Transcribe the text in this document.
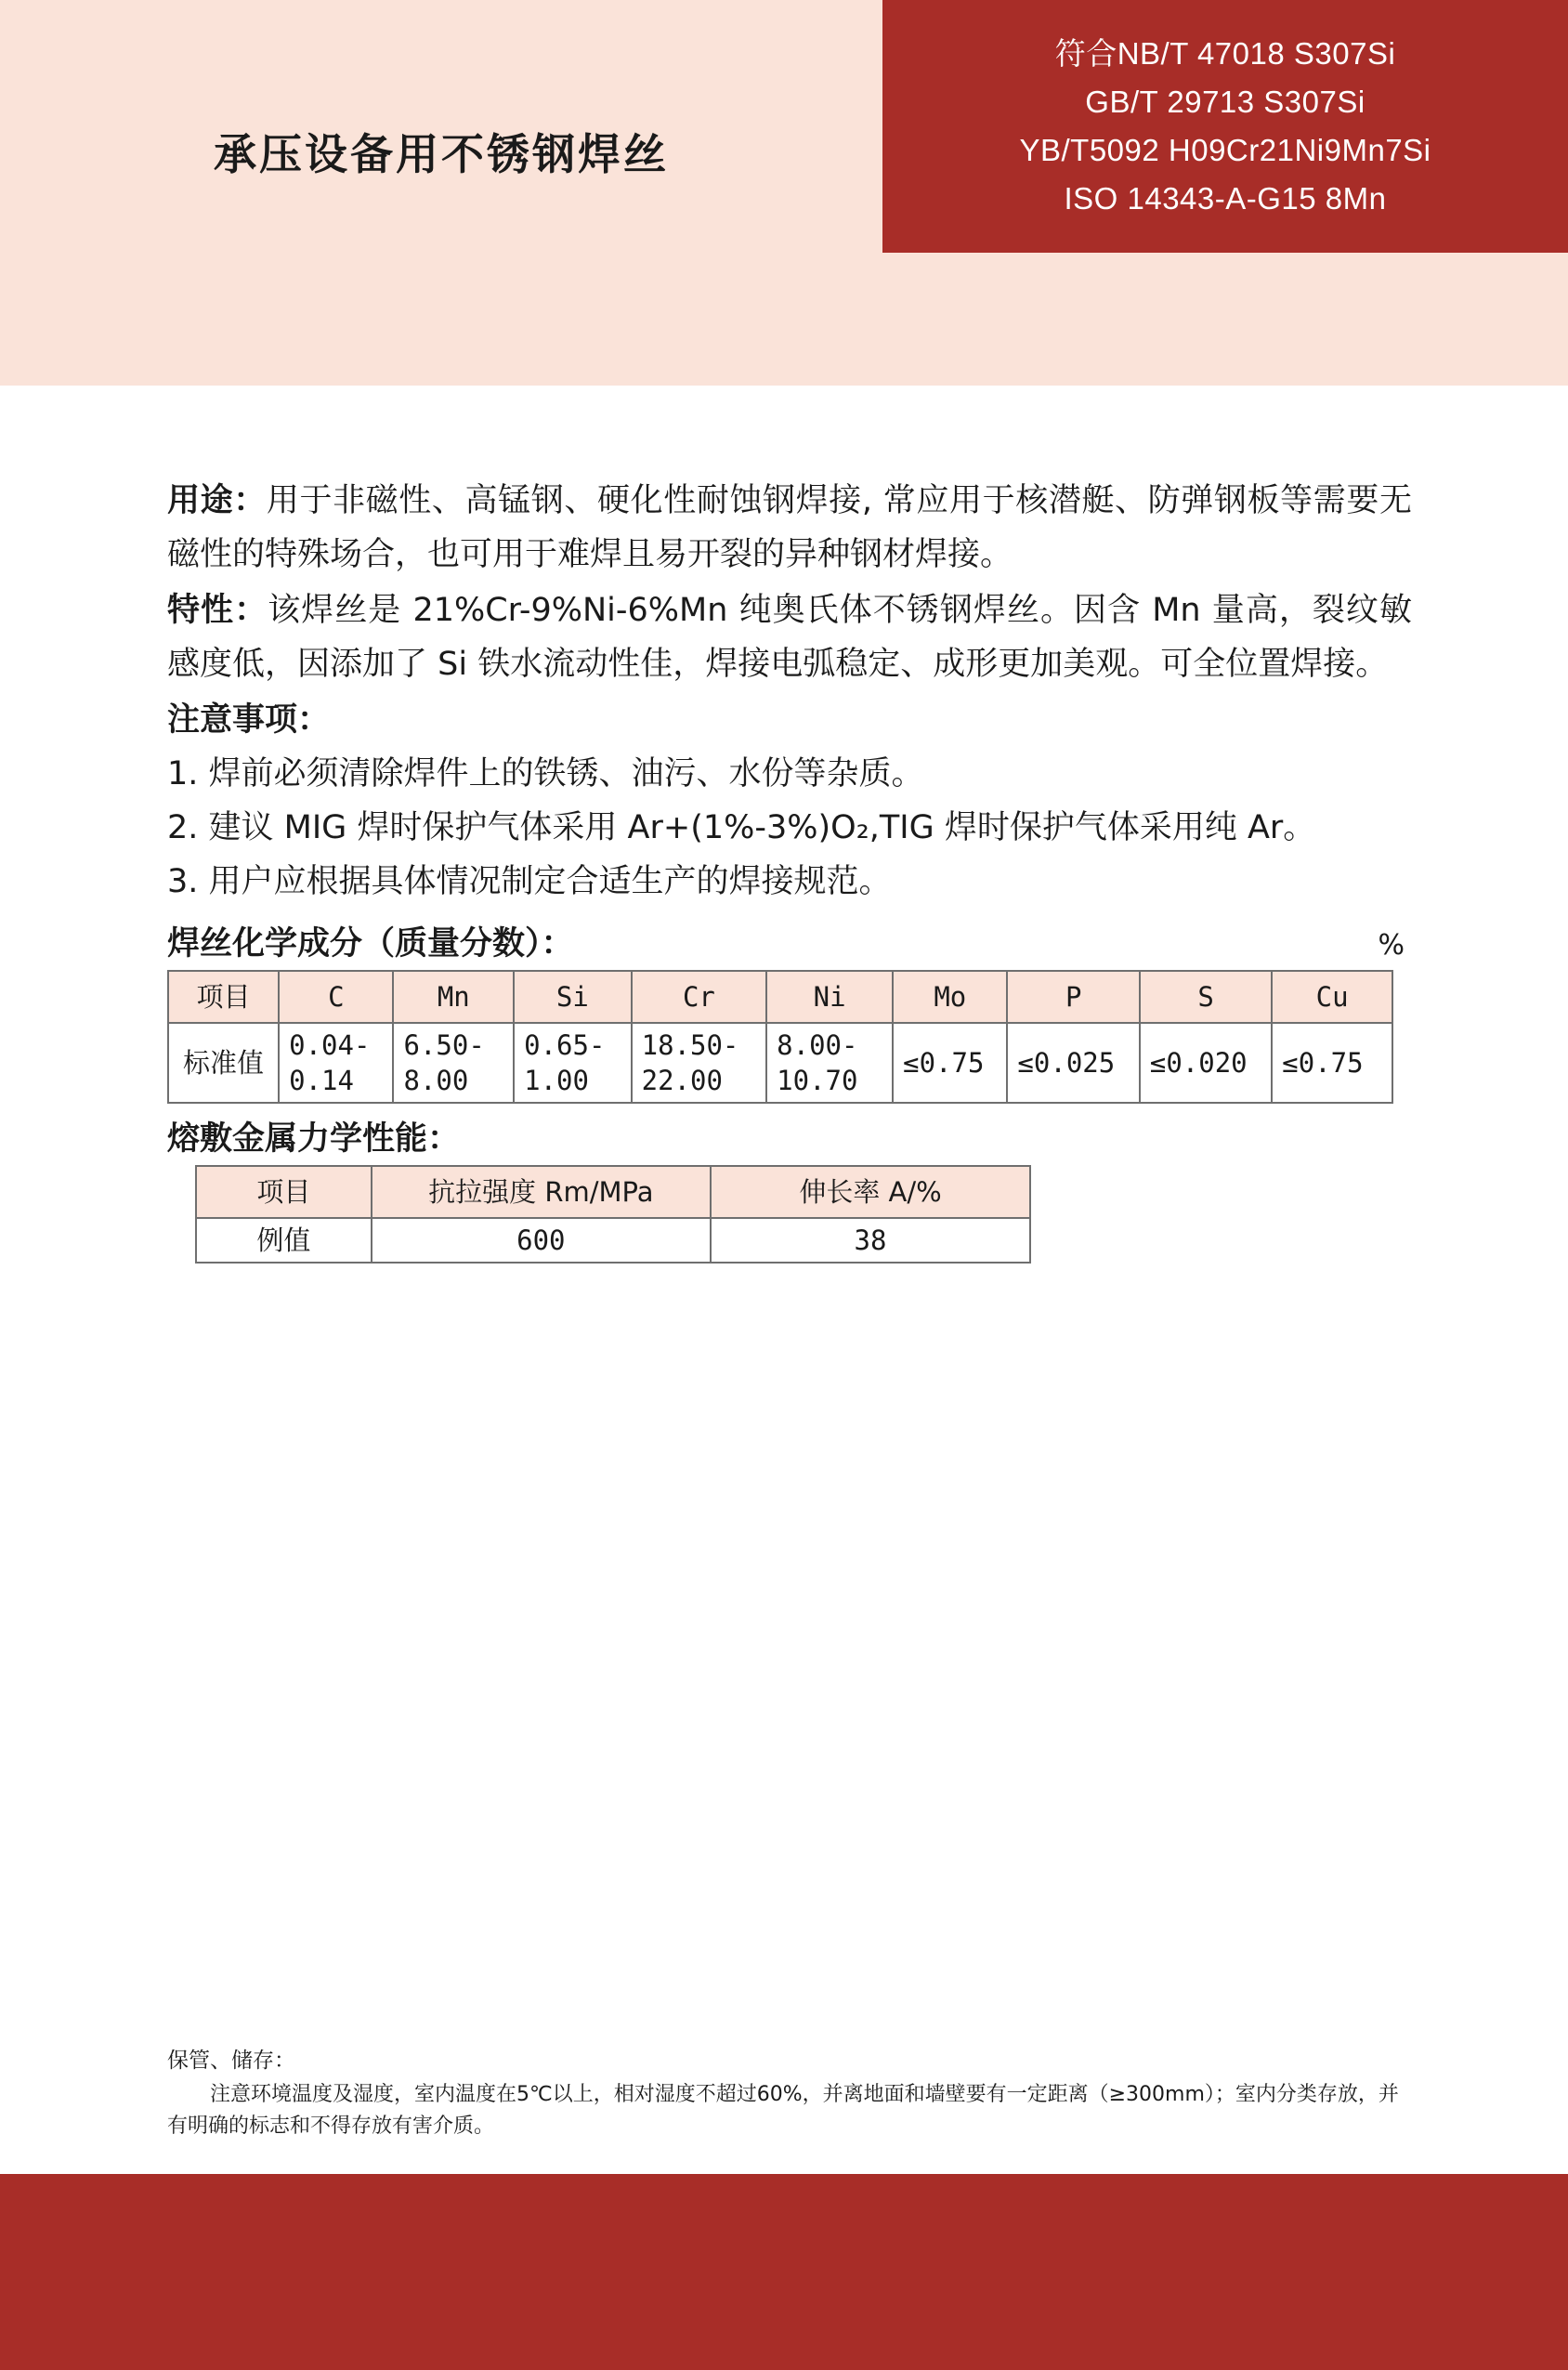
承压设备用不锈钢焊丝
符合NB/T 47018 S307Si
GB/T 29713 S307Si
YB/T5092 H09Cr21Ni9Mn7Si
ISO 14343-A-G15 8Mn
用途：用于非磁性、高锰钢、硬化性耐蚀钢焊接, 常应用于核潜艇、防弹钢板等需要无磁性的特殊场合，也可用于难焊且易开裂的异种钢材焊接。
特性：该焊丝是 21%Cr-9%Ni-6%Mn 纯奥氏体不锈钢焊丝。因含 Mn 量高，裂纹敏感度低，因添加了 Si 铁水流动性佳，焊接电弧稳定、成形更加美观。可全位置焊接。
注意事项：
1. 焊前必须清除焊件上的铁锈、油污、水份等杂质。
2. 建议 MIG 焊时保护气体采用 Ar+(1%-3%)O₂,TIG 焊时保护气体采用纯 Ar。
3. 用户应根据具体情况制定合适生产的焊接规范。
焊丝化学成分（质量分数）：	%
项目	C	Mn	Si	Cr	Ni	Mo	P	S	Cu
标准值	0.04-0.14	6.50-8.00	0.65-1.00	18.50-22.00	8.00-10.70	≤0.75	≤0.025	≤0.020	≤0.75
熔敷金属力学性能：
项目	抗拉强度 Rm/MPa	伸长率 A/%
例值	600	38
保管、储存：
注意环境温度及湿度，室内温度在5℃以上，相对湿度不超过60%，并离地面和墙壁要有一定距离（≥300mm）；室内分类存放，并有明确的标志和不得存放有害介质。
